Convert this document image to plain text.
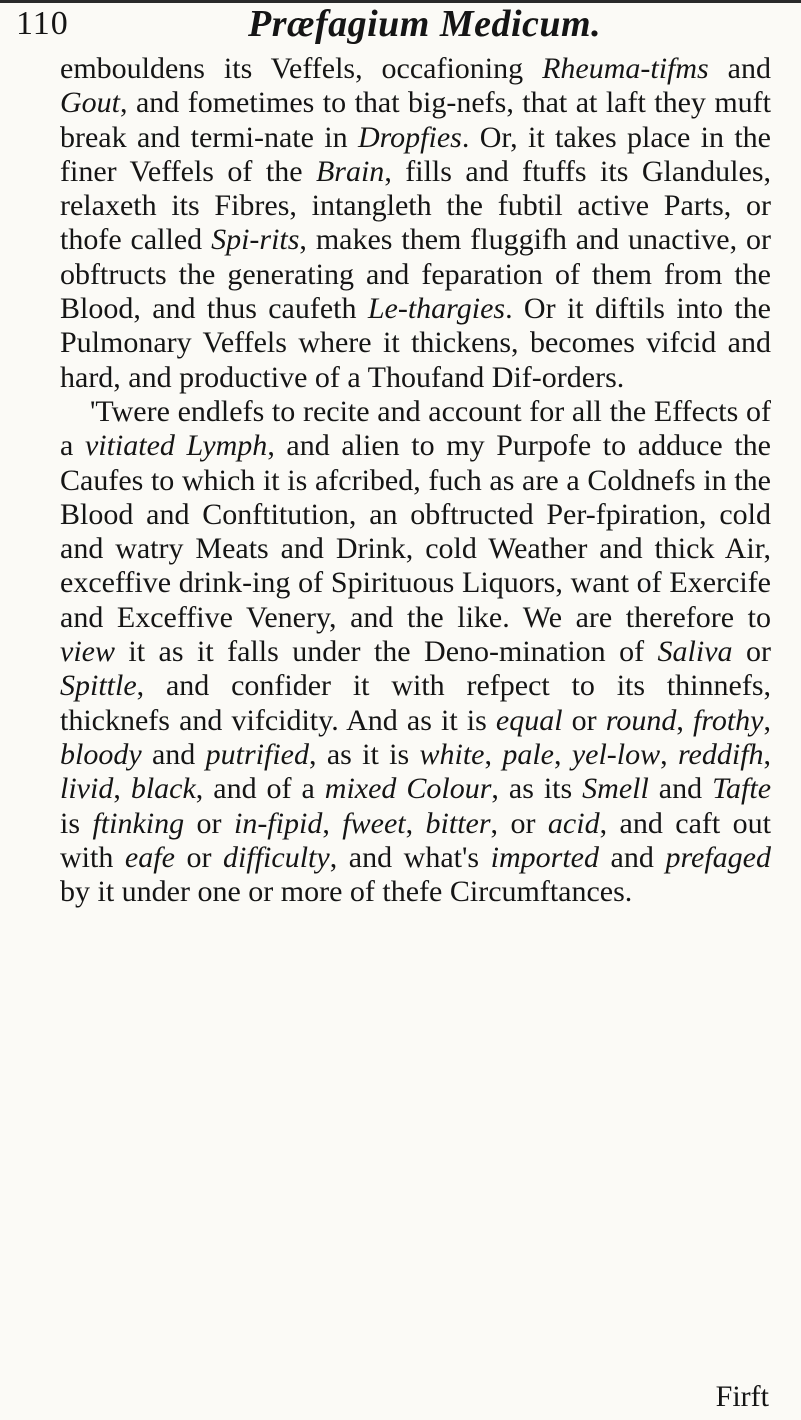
110	Præfagium Medicum.

embouldens its Veffels, occafioning Rheuma-tifms and Gout, and fometimes to that big-nefs, that at laft they muft break and termi-nate in Dropfies. Or, it takes place in the finer Veffels of the Brain, fills and ftuffs its Glandules, relaxeth its Fibres, intangleth the fubtil active Parts, or thofe called Spi-rits, makes them fluggifh and unactive, or obftructs the generating and feparation of them from the Blood, and thus caufeth Le-thargies. Or it diftils into the Pulmonary Veffels where it thickens, becomes vifcid and hard, and productive of a Thoufand Dif-orders.

'Twere endlefs to recite and account for all the Effects of a vitiated Lymph, and alien to my Purpofe to adduce the Caufes to which it is afcribed, fuch as are a Coldnefs in the Blood and Conftitution, an obftructed Per-fpiration, cold and watry Meats and Drink, cold Weather and thick Air, exceffive drink-ing of Spirituous Liquors, want of Exercife and Exceffive Venery, and the like. We are therefore to view it as it falls under the Deno-mination of Saliva or Spittle, and confider it with refpect to its thinnefs, thicknefs and vifcidity. And as it is equal or round, frothy, bloody and putrified, as it is white, pale, yel-low, reddifh, livid, black, and of a mixed Colour, as its Smell and Tafte is ftinking or in-fipid, fweet, bitter, or acid, and caft out with eafe or difficulty, and what's imported and prefaged by it under one or more of thefe Circumftances.

Firft
